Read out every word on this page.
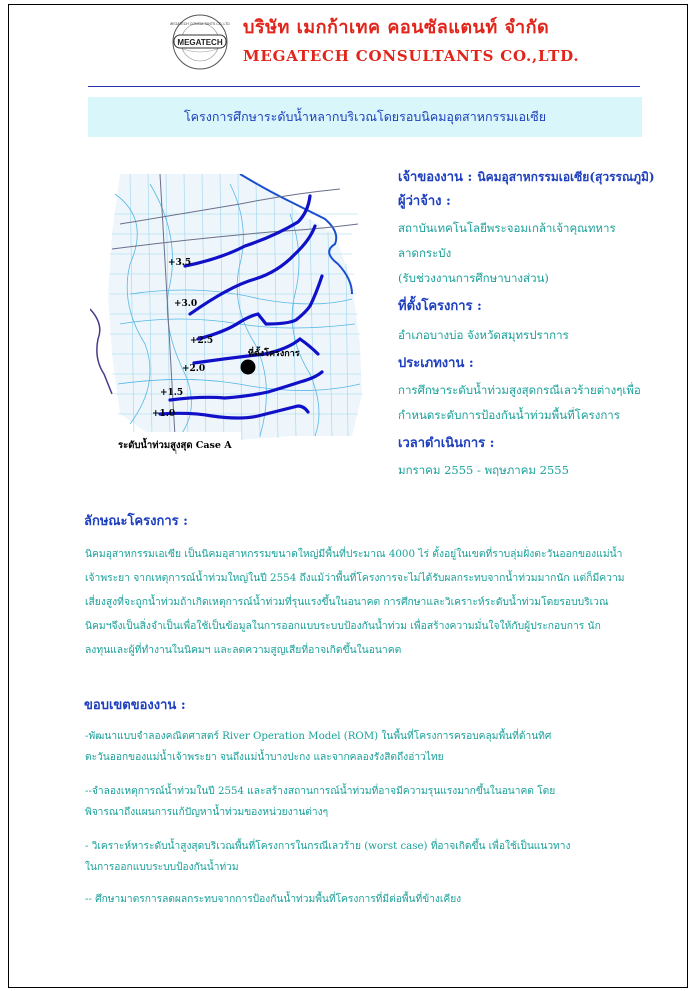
MEGATECH
MEGATECH CONSULTANTS CO.,LTD. บริษัท เมกก้าเทค คอนซัลแตนท์ จำกัด
MEGATECH CONSULTANTS CO.,LTD.
โครงการศึกษาระดับน้ำหลากบริเวณโดยรอบนิคมอุตสาหกรรมเอเซีย
+3.5
+3.0
+2.5
+2.0
+1.5
+1.0
ที่ตั้งโครงการ
ระดับน้ำท่วมสูงสุด Case A
เจ้าของงาน : นิคมอุสาหกรรมเอเซีย(สุวรรณภูมิ)
ผู้ว่าจ้าง :
สถาบันเทคโนโลยีพระจอมเกล้าเจ้าคุณทหาร
ลาดกระบัง
(รับช่วงงานการศึกษาบางส่วน)
ที่ตั้งโครงการ :
อำเภอบางบ่อ จังหวัดสมุทรปราการ
ประเภทงาน :
การศึกษาระดับน้ำท่วมสูงสุดกรณีเลวร้ายต่างๆเพื่อ
กำหนดระดับการป้องกันน้ำท่วมพื้นที่โครงการ
เวลาดำเนินการ :
มกราคม 2555 - พฤษภาคม 2555
ลักษณะโครงการ :
นิคมอุสาหกรรมเอเซีย เป็นนิคมอุสาหกรรมขนาดใหญ่มีพื้นที่ประมาณ 4000 ไร่ ตั้งอยู่ในเขตที่ราบลุ่มฝั่งตะวันออกของแม่น้ำ
เจ้าพระยา จากเหตุการณ์น้ำท่วมใหญ่ในปี 2554 ถึงแม้ว่าพื้นที่โครงการจะไม่ได้รับผลกระทบจากน้ำท่วมมากนัก แต่ก็มีความ
เสี่ยงสูงที่จะถูกน้ำท่วมถ้าเกิดเหตุการณ์น้ำท่วมที่รุนแรงขึ้นในอนาคต การศึกษาและวิเคราะห์ระดับน้ำท่วมโดยรอบบริเวณ
นิคมฯจึงเป็นสิ่งจำเป็นเพื่อใช้เป็นข้อมูลในการออกแบบระบบป้องกันน้ำท่วม เพื่อสร้างความมั่นใจให้กับผู้ประกอบการ นัก
ลงทุนและผู้ที่ทำงานในนิคมฯ และลดความสูญเสียที่อาจเกิดขึ้นในอนาคต
ขอบเขตของงาน :
-พัฒนาแบบจำลองคณิตศาสตร์ River Operation Model (ROM) ในพื้นที่โครงการครอบคลุมพื้นที่ด้านทิศ
ตะวันออกของแม่น้ำเจ้าพระยา จนถึงแม่น้ำบางปะกง และจากคลองรังสิตถึงอ่าวไทย
--จำลองเหตุการณ์น้ำท่วมในปี 2554 และสร้างสถานการณ์น้ำท่วมที่อาจมีความรุนแรงมากขึ้นในอนาคต โดย
พิจารณาถึงแผนการแก้ปัญหาน้ำท่วมของหน่วยงานต่างๆ
- วิเคราะห์หาระดับน้ำสูงสุดบริเวณพื้นที่โครงการในกรณีเลวร้าย (worst case) ที่อาจเกิดขึ้น เพื่อใช้เป็นแนวทาง
ในการออกแบบระบบป้องกันน้ำท่วม
-- ศึกษามาตรการลดผลกระทบจากการป้องกันน้ำท่วมพื้นที่โครงการที่มีต่อพื้นที่ข้างเคียง
